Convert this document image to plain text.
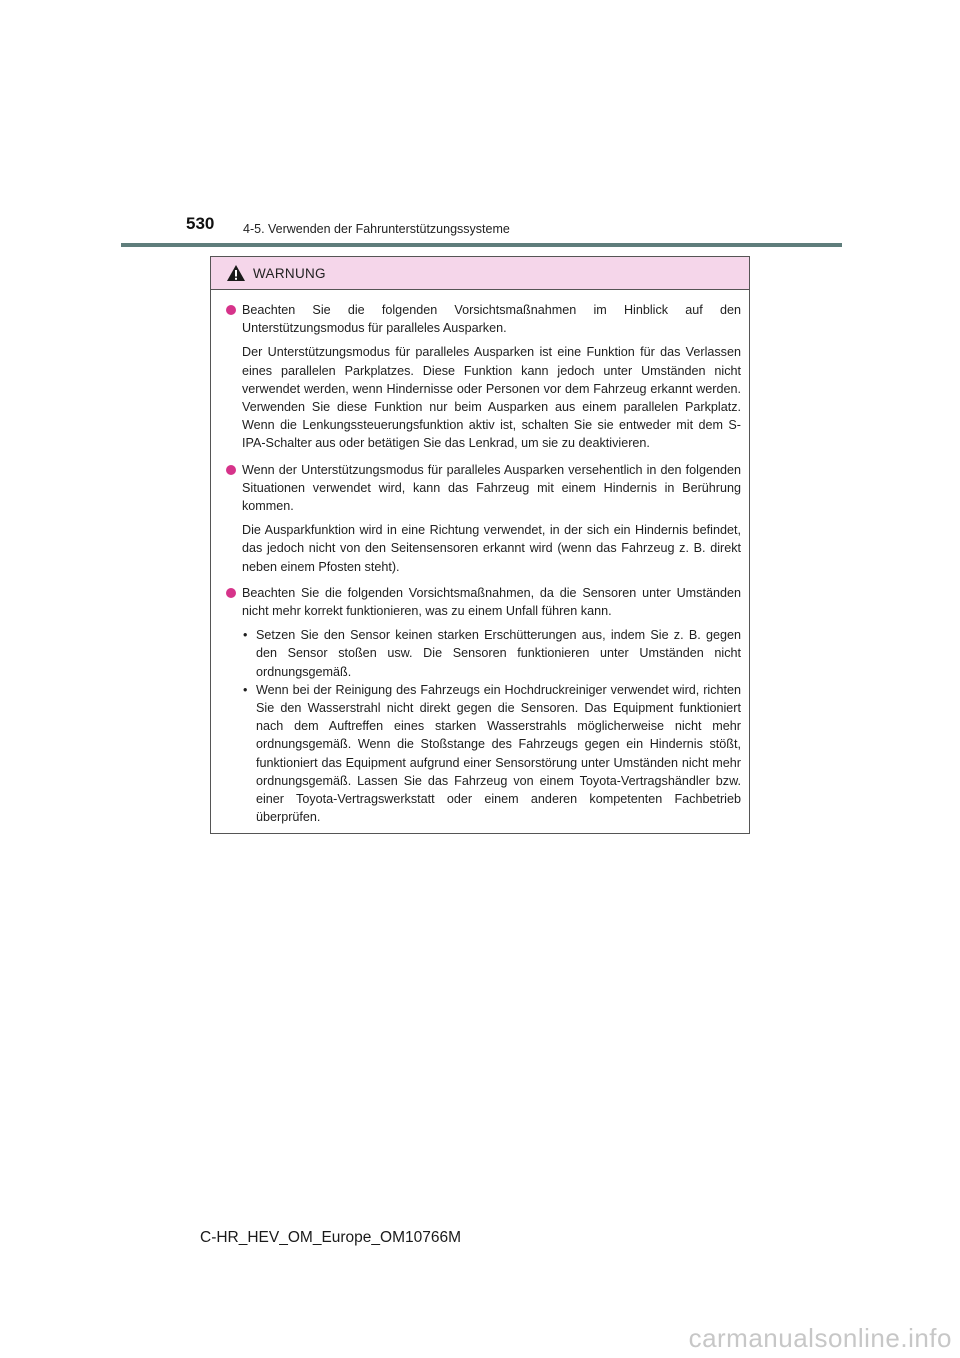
530 4-5. Verwenden der Fahrunterstützungssysteme
WARNUNG

Beachten Sie die folgenden Vorsichtsmaßnahmen im Hinblick auf den Unterstützungsmodus für paralleles Ausparken.

Der Unterstützungsmodus für paralleles Ausparken ist eine Funktion für das Verlassen eines parallelen Parkplatzes. Diese Funktion kann jedoch unter Umständen nicht verwendet werden, wenn Hindernisse oder Personen vor dem Fahrzeug erkannt werden. Verwenden Sie diese Funktion nur beim Ausparken aus einem parallelen Parkplatz. Wenn die Lenkungssteuerungsfunktion aktiv ist, schalten Sie sie entweder mit dem S-IPA-Schalter aus oder betätigen Sie das Lenkrad, um sie zu deaktivieren.

Wenn der Unterstützungsmodus für paralleles Ausparken versehentlich in den folgenden Situationen verwendet wird, kann das Fahrzeug mit einem Hindernis in Berührung kommen.

Die Ausparkfunktion wird in eine Richtung verwendet, in der sich ein Hindernis befindet, das jedoch nicht von den Seitensensoren erkannt wird (wenn das Fahrzeug z. B. direkt neben einem Pfosten steht).

Beachten Sie die folgenden Vorsichtsmaßnahmen, da die Sensoren unter Umständen nicht mehr korrekt funktionieren, was zu einem Unfall führen kann.

• Setzen Sie den Sensor keinen starken Erschütterungen aus, indem Sie z. B. gegen den Sensor stoßen usw. Die Sensoren funktionieren unter Umständen nicht ordnungsgemäß.
• Wenn bei der Reinigung des Fahrzeugs ein Hochdruckreiniger verwendet wird, richten Sie den Wasserstrahl nicht direkt gegen die Sensoren. Das Equipment funktioniert nach dem Auftreffen eines starken Wasserstrahls möglicherweise nicht mehr ordnungsgemäß. Wenn die Stoßstange des Fahrzeugs gegen ein Hindernis stößt, funktioniert das Equipment aufgrund einer Sensorstörung unter Umständen nicht mehr ordnungsgemäß. Lassen Sie das Fahrzeug von einem Toyota-Vertragshändler bzw. einer Toyota-Vertragswerkstatt oder einem anderen kompetenten Fachbetrieb überprüfen.
C-HR_HEV_OM_Europe_OM10766M
carmanualsonline.info
